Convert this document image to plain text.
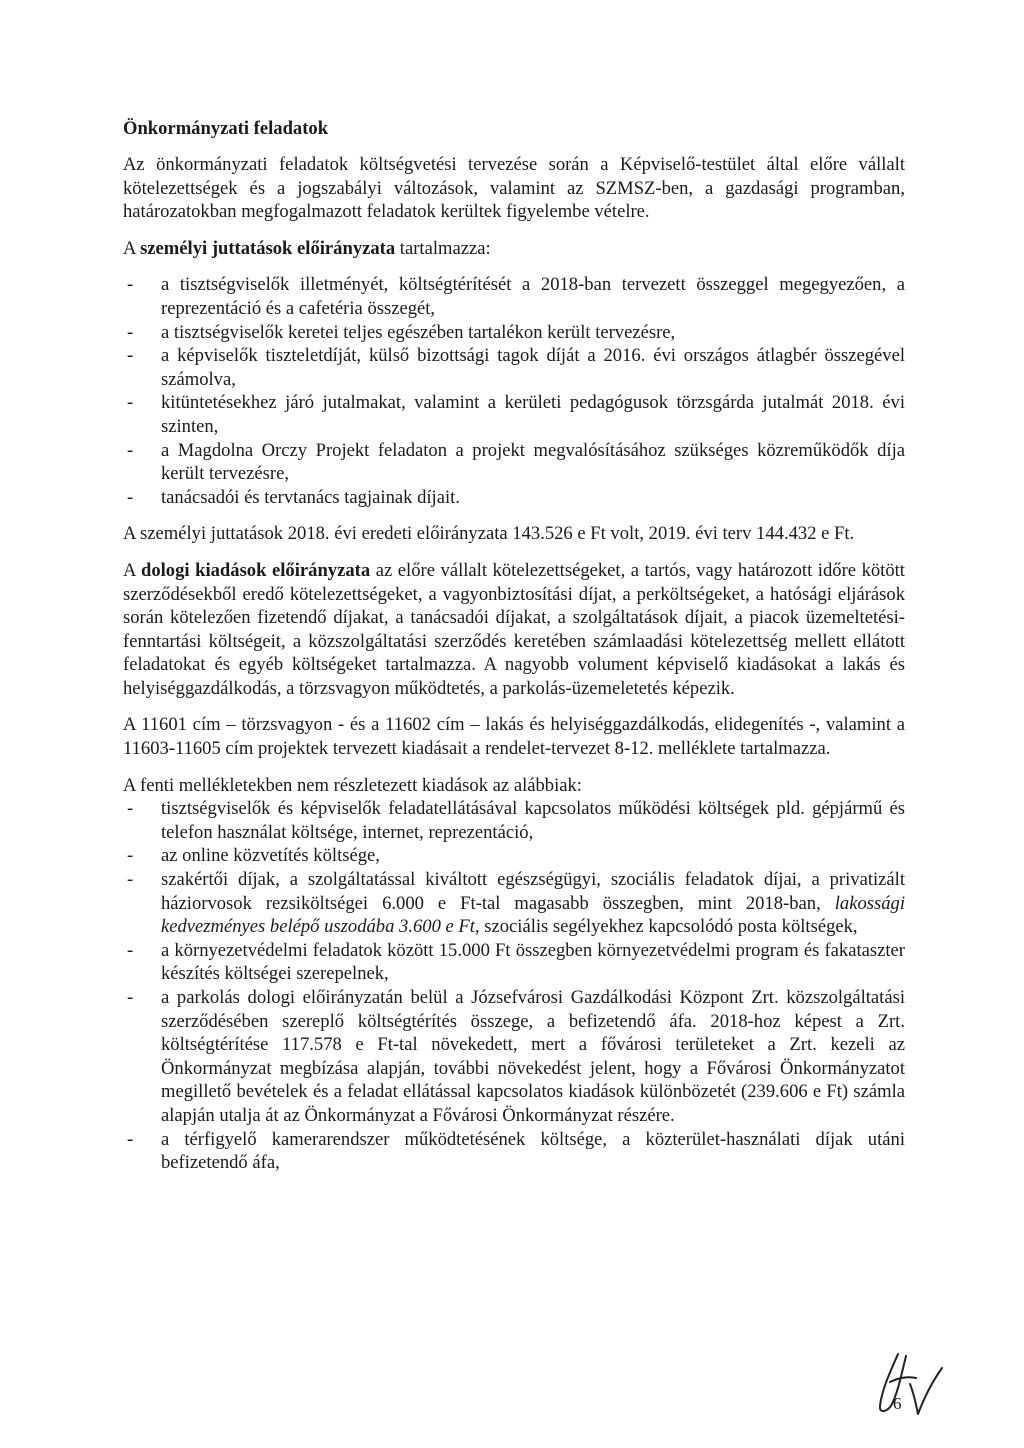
Önkormányzati feladatok

Az önkormányzati feladatok költségvetési tervezése során a Képviselő-testület által előre vállalt kötelezettségek és a jogszabályi változások, valamint az SZMSZ-ben, a gazdasági programban, határozatokban megfogalmazott feladatok kerültek figyelembe vételre.

A személyi juttatások előirányzata tartalmazza:

- a tisztségviselők illetményét, költségtérítését a 2018-ban tervezett összeggel megegyezően, a reprezentáció és a cafetéria összegét,
- a tisztségviselők keretei teljes egészében tartalékon került tervezésre,
- a képviselők tiszteletdíját, külső bizottsági tagok díját a 2016. évi országos átlagbér összegével számolva,
- kitüntetésekhez járó jutalmakat, valamint a kerületi pedagógusok törzsgárda jutalmát 2018. évi szinten,
- a Magdolna Orczy Projekt feladaton a projekt megvalósításához szükséges közreműködők díja került tervezésre,
- tanácsadói és tervtanács tagjainak díjait.

A személyi juttatások 2018. évi eredeti előirányzata 143.526 e Ft volt, 2019. évi terv 144.432 e Ft.

A dologi kiadások előirányzata az előre vállalt kötelezettségeket, a tartós, vagy határozott időre kötött szerződésekből eredő kötelezettségeket, a vagyonbiztosítási díjat, a perköltségeket, a hatósági eljárások során kötelezően fizetendő díjakat, a tanácsadói díjakat, a szolgáltatások díjait, a piacok üzemeltetési-fenntartási költségeit, a közszolgáltatási szerződés keretében számlaadási kötelezettség mellett ellátott feladatokat és egyéb költségeket tartalmazza. A nagyobb volument képviselő kiadásokat a lakás és helyiséggazdálkodás, a törzsvagyon működtetés, a parkolás-üzemeletetés képezik.

A 11601 cím – törzsvagyon - és a 11602 cím – lakás és helyiséggazdálkodás, elidegenítés -, valamint a 11603-11605 cím projektek tervezett kiadásait a rendelet-tervezet 8-12. melléklete tartalmazza.

A fenti mellékletekben nem részletezett kiadások az alábbiak:

- tisztségviselők és képviselők feladatellátásával kapcsolatos működési költségek pld. gépjármű és telefon használat költsége, internet, reprezentáció,
- az online közvetítés költsége,
- szakértői díjak, a szolgáltatással kiváltott egészségügyi, szociális feladatok díjai, a privatizált háziorvosok rezsiköltségei 6.000 e Ft-tal magasabb összegben, mint 2018-ban, lakossági kedvezményes belépő uszodába 3.600 e Ft, szociális segélyekhez kapcsolódó posta költségek,
- a környezetvédelmi feladatok között 15.000 Ft összegben környezetvédelmi program és fakataszter készítés költségei szerepelnek,
- a parkolás dologi előirányzatán belül a Józsefvárosi Gazdálkodási Központ Zrt. közszolgáltatási szerződésében szereplő költségtérítés összege, a befizetendő áfa. 2018-hoz képest a Zrt. költségtérítése 117.578 e Ft-tal növekedett, mert a fővárosi területeket a Zrt. kezeli az Önkormányzat megbízása alapján, további növekedést jelent, hogy a Fővárosi Önkormányzatot megillető bevételek és a feladat ellátással kapcsolatos kiadások különbözetét (239.606 e Ft) számla alapján utalja át az Önkormányzat a Fővárosi Önkormányzat részére.
- a térfigyelő kamerarendszer működtetésének költsége, a közterület-használati díjak utáni befizetendő áfa,
6
